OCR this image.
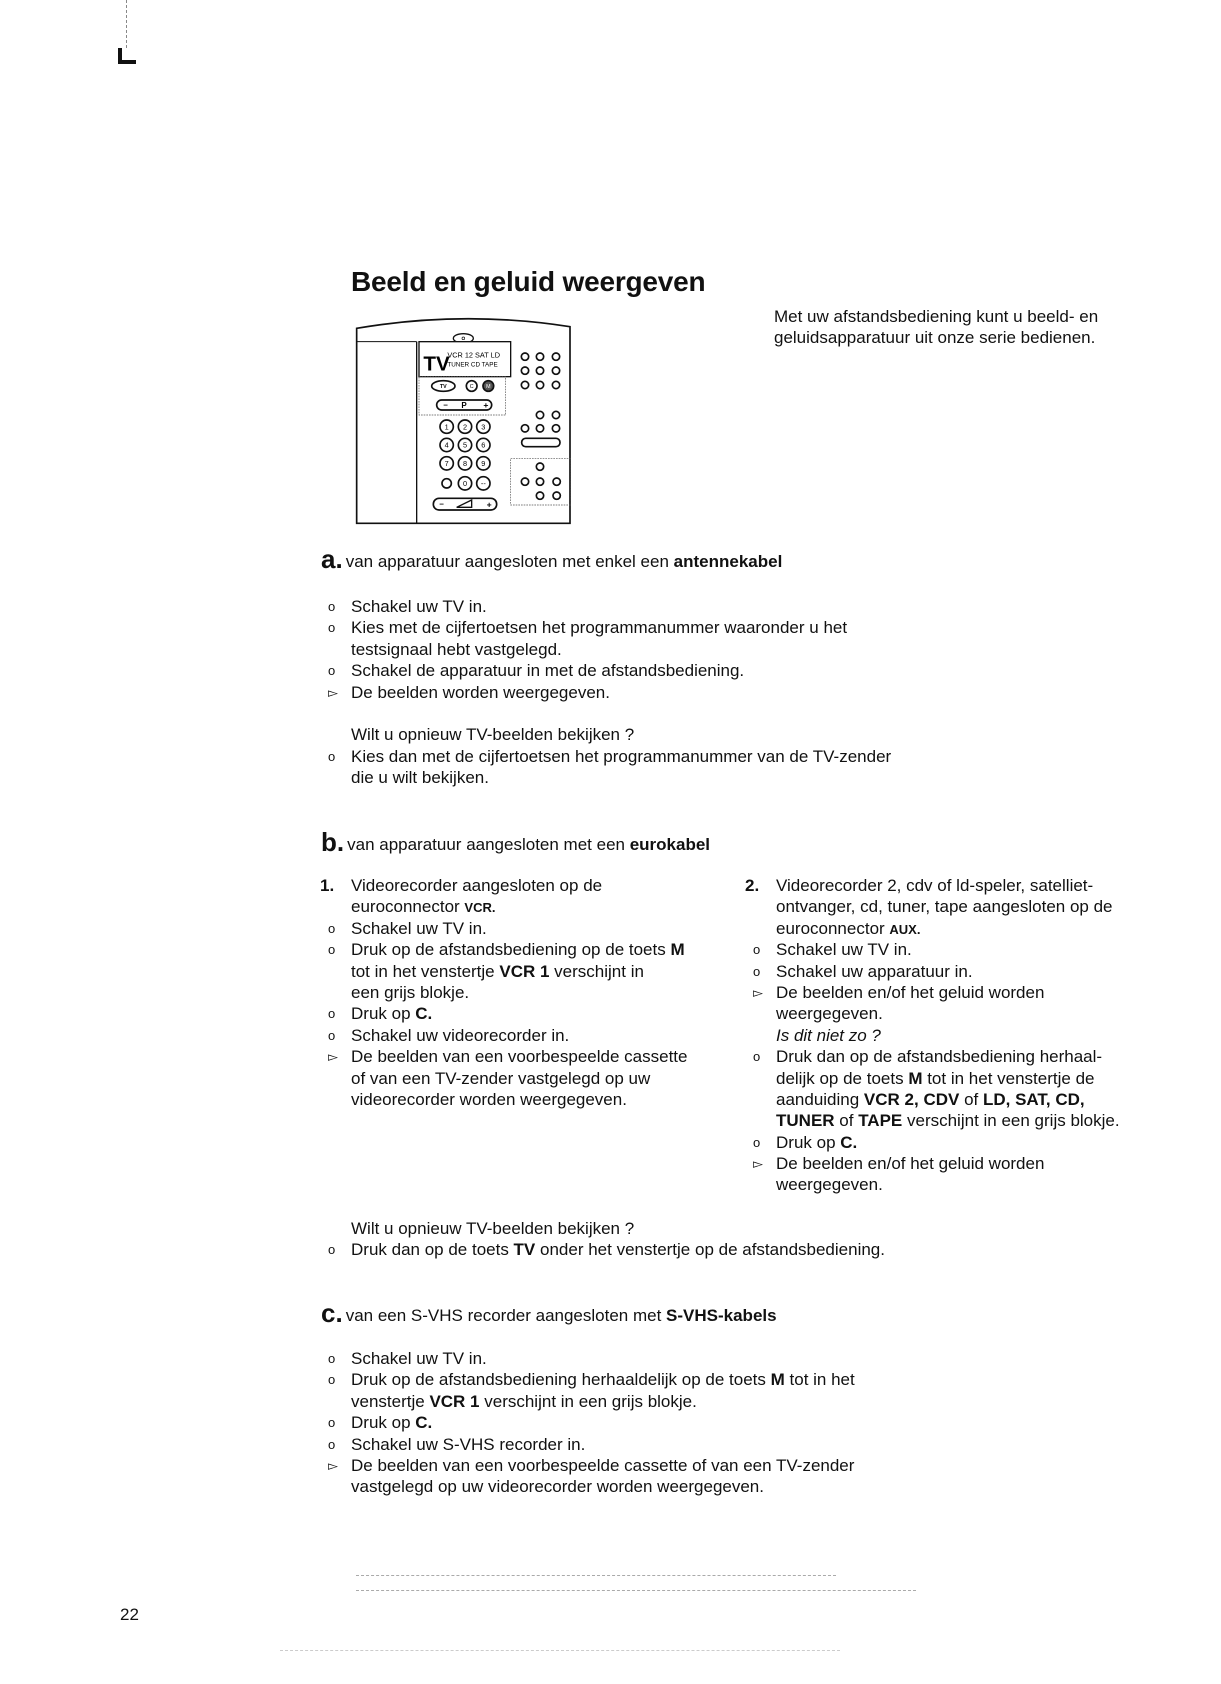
Beeld en geluid weergeven
Met uw afstandsbediening kunt u beeld- en
geluidsapparatuur uit onze serie bedienen.
TV
VCR 12 SAT LD
TUNER CD TAPE
TV C M
– P +
1 2 3
4 5 6
7 8 9
0 --
– +
a. van apparatuur aangesloten met enkel een antennekabel
o Schakel uw TV in.
o Kies met de cijfertoetsen het programmanummer waaronder u het
testsignaal hebt vastgelegd.
o Schakel de apparatuur in met de afstandsbediening.
▻ De beelden worden weergegeven.
Wilt u opnieuw TV-beelden bekijken ?
o Kies dan met de cijfertoetsen het programmanummer van de TV-zender
die u wilt bekijken.
b. van apparatuur aangesloten met een eurokabel
1. Videorecorder aangesloten op de
euroconnector VCR.
o Schakel uw TV in.
o Druk op de afstandsbediening op de toets M
tot in het venstertje VCR 1 verschijnt in
een grijs blokje.
o Druk op C.
o Schakel uw videorecorder in.
▻ De beelden van een voorbespeelde cassette
of van een TV-zender vastgelegd op uw
videorecorder worden weergegeven.
2. Videorecorder 2, cdv of ld-speler, satelliet-
ontvanger, cd, tuner, tape aangesloten op de
euroconnector AUX.
o Schakel uw TV in.
o Schakel uw apparatuur in.
▻ De beelden en/of het geluid worden
weergegeven.
Is dit niet zo ?
o Druk dan op de afstandsbediening herhaal-
delijk op de toets M tot in het venstertje de
aanduiding VCR 2, CDV of LD, SAT, CD,
TUNER of TAPE verschijnt in een grijs blokje.
o Druk op C.
▻ De beelden en/of het geluid worden
weergegeven.
Wilt u opnieuw TV-beelden bekijken ?
o Druk dan op de toets TV onder het venstertje op de afstandsbediening.
c. van een S-VHS recorder aangesloten met S-VHS-kabels
o Schakel uw TV in.
o Druk op de afstandsbediening herhaaldelijk op de toets M tot in het
venstertje VCR 1 verschijnt in een grijs blokje.
o Druk op C.
o Schakel uw S-VHS recorder in.
▻ De beelden van een voorbespeelde cassette of van een TV-zender
vastgelegd op uw videorecorder worden weergegeven.
22
